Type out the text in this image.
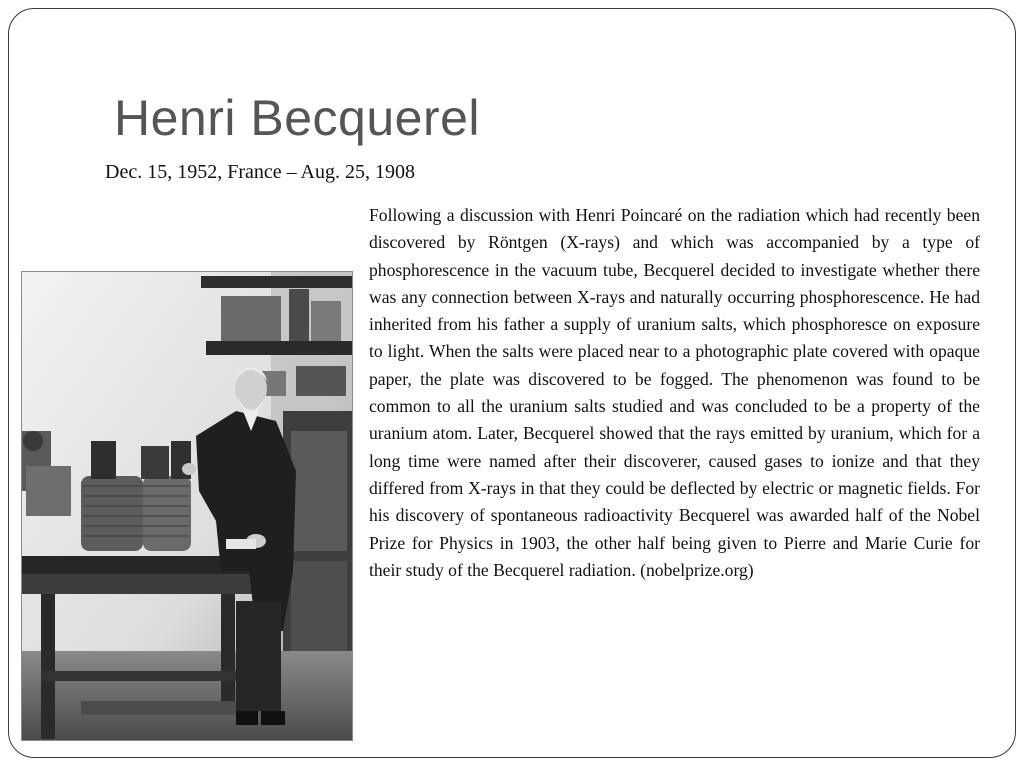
Henri Becquerel

Dec. 15, 1952, France – Aug. 25, 1908

Following a discussion with Henri Poincaré on the radiation which had recently been discovered by Röntgen (X-rays) and which was accompanied by a type of phosphorescence in the vacuum tube, Becquerel decided to investigate whether there was any connection between X-rays and naturally occurring phosphorescence. He had inherited from his father a supply of uranium salts, which phosphoresce on exposure to light. When the salts were placed near to a photographic plate covered with opaque paper, the plate was discovered to be fogged. The phenomenon was found to be common to all the uranium salts studied and was concluded to be a property of the uranium atom. Later, Becquerel showed that the rays emitted by uranium, which for a long time were named after their discoverer, caused gases to ionize and that they differed from X-rays in that they could be deflected by electric or magnetic fields. For his discovery of spontaneous radioactivity Becquerel was awarded half of the Nobel Prize for Physics in 1903, the other half being given to Pierre and Marie Curie for their study of the Becquerel radiation. (nobelprize.org)
